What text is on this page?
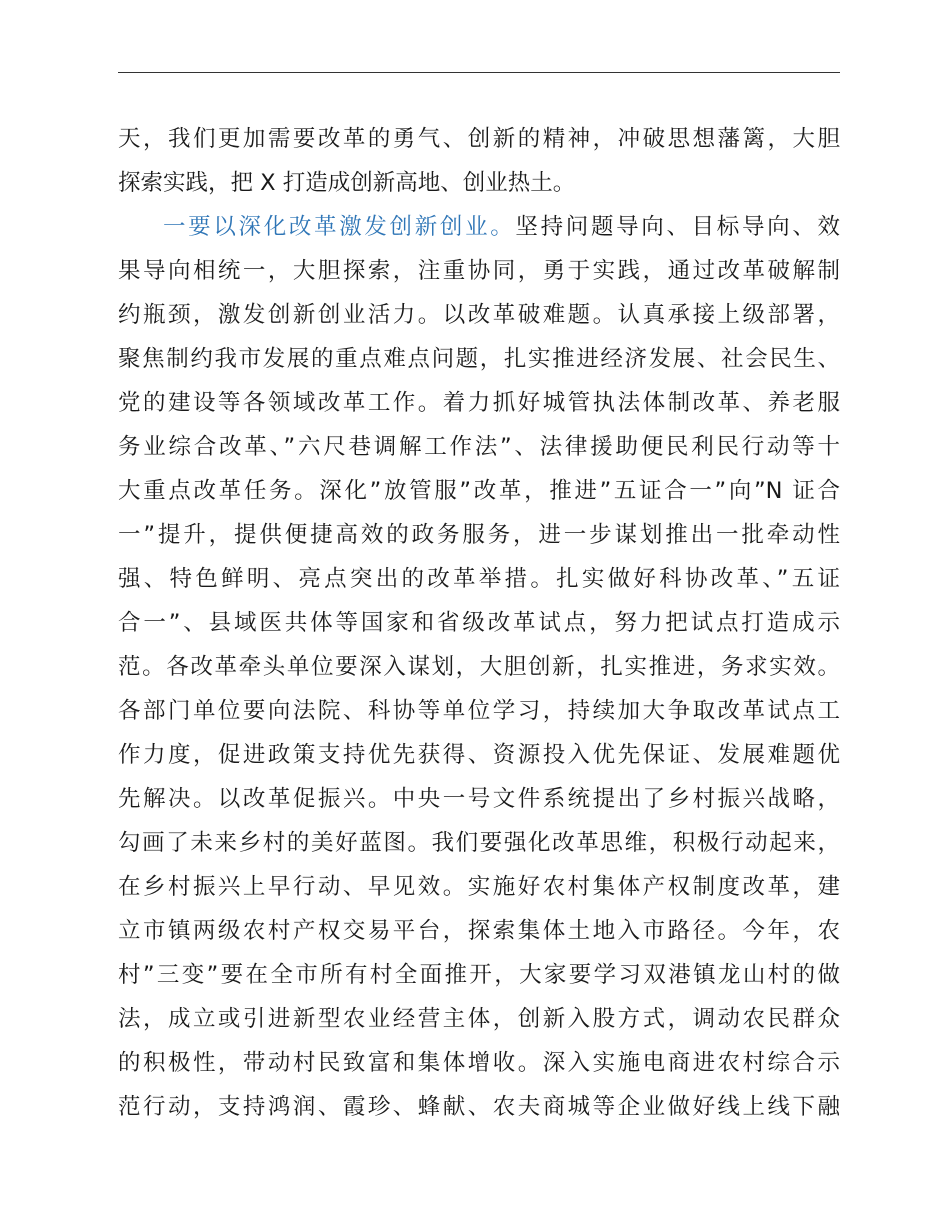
天，我们更加需要改革的勇气、创新的精神，冲破思想藩篱，大胆
探索实践，把 X 打造成创新高地、创业热土。
一要以深化改革激发创新创业。坚持问题导向、目标导向、效
果导向相统一，大胆探索，注重协同，勇于实践，通过改革破解制
约瓶颈，激发创新创业活力。以改革破难题。认真承接上级部署，
聚焦制约我市发展的重点难点问题，扎实推进经济发展、社会民生、
党的建设等各领域改革工作。着力抓好城管执法体制改革、养老服
务业综合改革、”六尺巷调解工作法”、法律援助便民利民行动等十
大重点改革任务。深化”放管服”改革，推进”五证合一”向”N 证合
一”提升，提供便捷高效的政务服务，进一步谋划推出一批牵动性
强、特色鲜明、亮点突出的改革举措。扎实做好科协改革、”五证
合一”、县域医共体等国家和省级改革试点，努力把试点打造成示
范。各改革牵头单位要深入谋划，大胆创新，扎实推进，务求实效。
各部门单位要向法院、科协等单位学习，持续加大争取改革试点工
作力度，促进政策支持优先获得、资源投入优先保证、发展难题优
先解决。以改革促振兴。中央一号文件系统提出了乡村振兴战略，
勾画了未来乡村的美好蓝图。我们要强化改革思维，积极行动起来，
在乡村振兴上早行动、早见效。实施好农村集体产权制度改革，建
立市镇两级农村产权交易平台，探索集体土地入市路径。今年，农
村”三变”要在全市所有村全面推开，大家要学习双港镇龙山村的做
法，成立或引进新型农业经营主体，创新入股方式，调动农民群众
的积极性，带动村民致富和集体增收。深入实施电商进农村综合示
范行动，支持鸿润、霞珍、蜂献、农夫商城等企业做好线上线下融
